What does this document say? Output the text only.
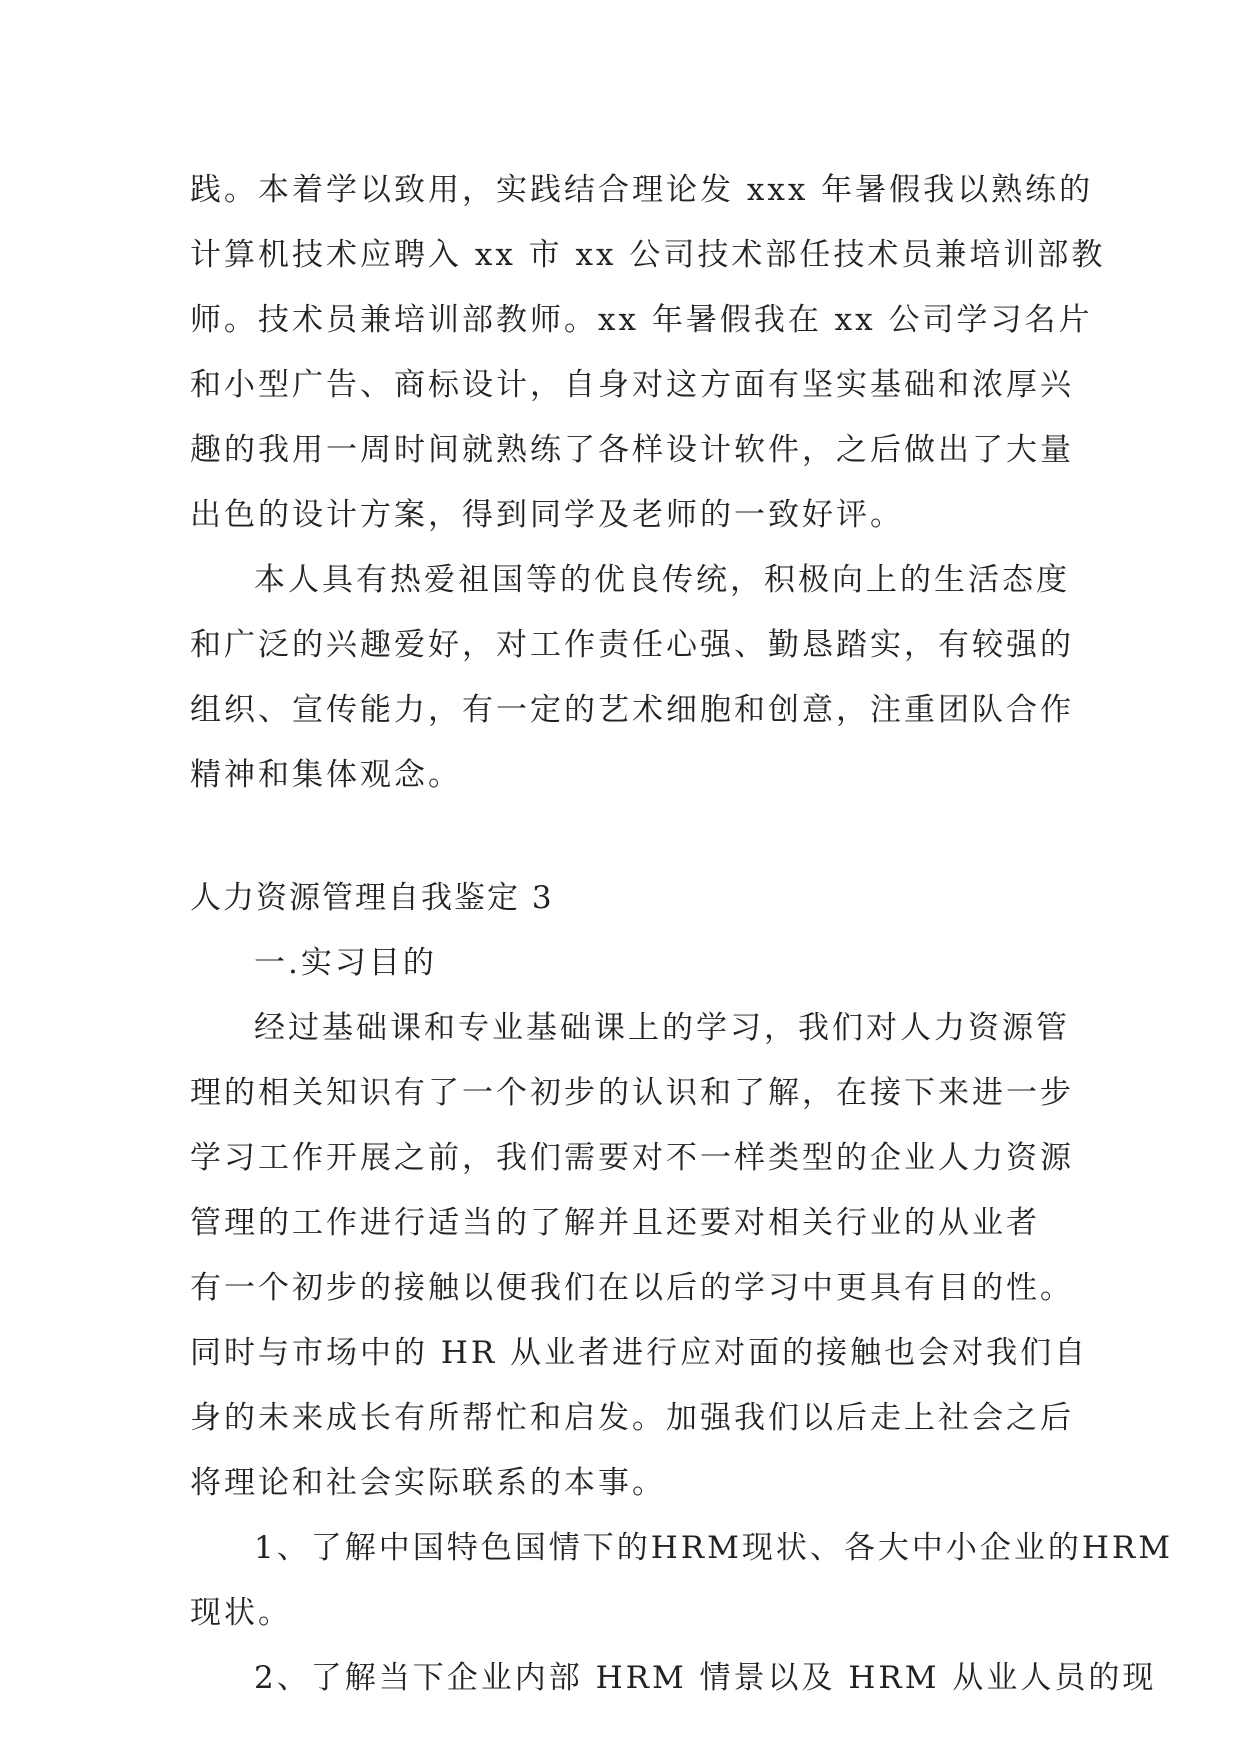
践。本着学以致用，实践结合理论发 xxx 年暑假我以熟练的
计算机技术应聘入 xx 市 xx 公司技术部任技术员兼培训部教
师。技术员兼培训部教师。xx 年暑假我在 xx 公司学习名片
和小型广告、商标设计，自身对这方面有坚实基础和浓厚兴
趣的我用一周时间就熟练了各样设计软件，之后做出了大量
出色的设计方案，得到同学及老师的一致好评。
本人具有热爱祖国等的优良传统，积极向上的生活态度
和广泛的兴趣爱好，对工作责任心强、勤恳踏实，有较强的
组织、宣传能力，有一定的艺术细胞和创意，注重团队合作
精神和集体观念。
人力资源管理自我鉴定 3
一.实习目的
经过基础课和专业基础课上的学习，我们对人力资源管
理的相关知识有了一个初步的认识和了解，在接下来进一步
学习工作开展之前，我们需要对不一样类型的企业人力资源
管理的工作进行适当的了解并且还要对相关行业的从业者
有一个初步的接触以便我们在以后的学习中更具有目的性。
同时与市场中的 HR 从业者进行应对面的接触也会对我们自
身的未来成长有所帮忙和启发。加强我们以后走上社会之后
将理论和社会实际联系的本事。
1、了解中国特色国情下的HRM现状、各大中小企业的HRM
现状。
2、了解当下企业内部 HRM 情景以及 HRM 从业人员的现
